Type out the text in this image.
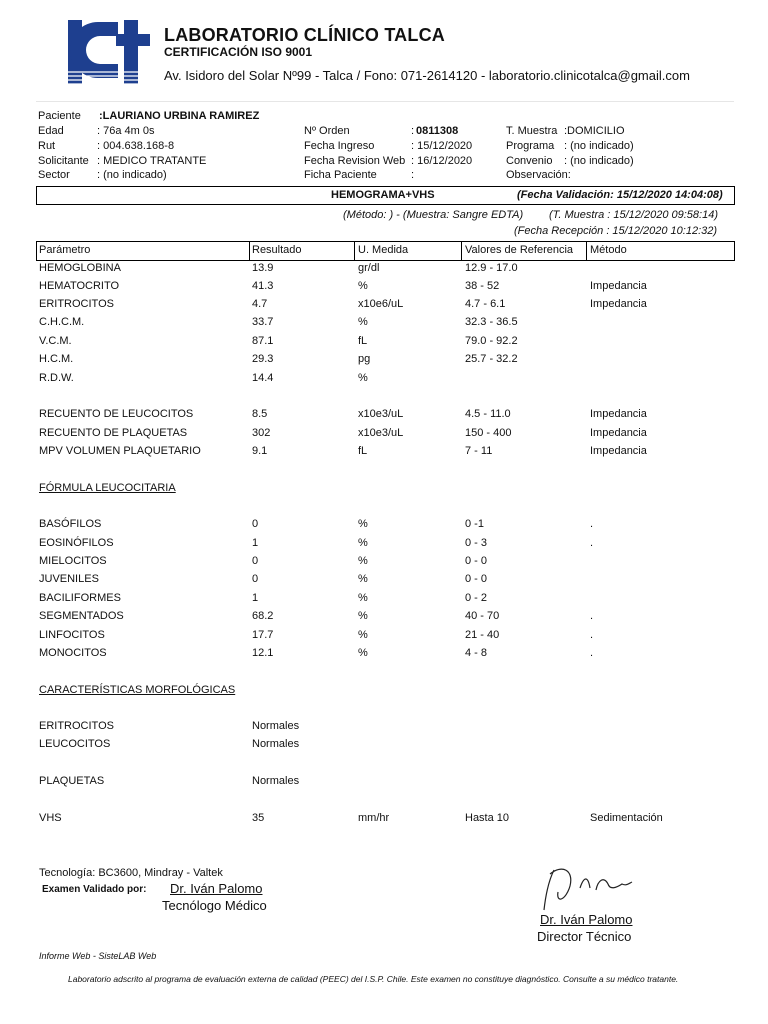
LABORATORIO CLÍNICO TALCA
CERTIFICACIÓN ISO 9001
Av. Isidoro del Solar Nº99 - Talca / Fono: 071-2614120 - laboratorio.clinicotalca@gmail.com
Paciente :LAURIANO URBINA RAMIREZ
Edad	: 76a 4m 0s
Rut	: 004.638.168-8
Solicitante : MEDICO TRATANTE
Sector : (no indicado)
Nº Orden	: 0811308
Fecha Ingreso	: 15/12/2020
Fecha Revision Web : 16/12/2020
Ficha Paciente	:
T. Muestra :DOMICILIO
Programa : (no indicado)
Convenio : (no indicado)
Observación:
HEMOGRAMA+VHS	(Fecha Validación: 15/12/2020 14:04:08)
(Método: ) - (Muestra: Sangre EDTA) (T. Muestra : 15/12/2020 09:58:14)
(Fecha Recepción : 15/12/2020 10:12:32)
Parámetro	Resultado	U. Medida	Valores de Referencia Método
HEMOGLOBINA	13.9	gr/dl	12.9 - 17.0
HEMATOCRITO	41.3	%	38 - 52	Impedancia
ERITROCITOS	4.7	x10e6/uL	4.7 - 6.1	Impedancia
C.H.C.M.	33.7	%	32.3 - 36.5
V.C.M.	87.1	fL	79.0 - 92.2
H.C.M.	29.3	pg	25.7 - 32.2
R.D.W.	14.4	%
RECUENTO DE LEUCOCITOS	8.5	x10e3/uL	4.5 - 11.0	Impedancia
RECUENTO DE PLAQUETAS	302	x10e3/uL	150 - 400	Impedancia
MPV VOLUMEN PLAQUETARIO	9.1	fL	7 - 11	Impedancia
BASÓFILOS	0	%	0 -1	.
EOSINÓFILOS	1	%	0 - 3	.
MIELOCITOS	0	%	0 - 0
JUVENILES	0	%	0 - 0
BACILIFORMES	1	%	0 - 2
SEGMENTADOS	68.2	%	40 - 70	.
LINFOCITOS	17.7	%	21 - 40	.
MONOCITOS	12.1	%	4 - 8	.
ERITROCITOS	Normales
LEUCOCITOS	Normales
PLAQUETAS	Normales
VHS	35	mm/hr	Hasta 10	Sedimentación
FÓRMULA LEUCOCITARIA
CARACTERÍSTICAS MORFOLÓGICAS
Tecnología: BC3600, Mindray - Valtek
Examen Validado por: Dr. Iván Palomo
Tecnólogo Médico
Dr. Iván Palomo
Director Técnico
Informe Web - SisteLAB Web
Laboratorio adscrito al programa de evaluación externa de calidad (PEEC) del I.S.P. Chile. Este examen no constituye diagnóstico. Consulte a su médico tratante.
